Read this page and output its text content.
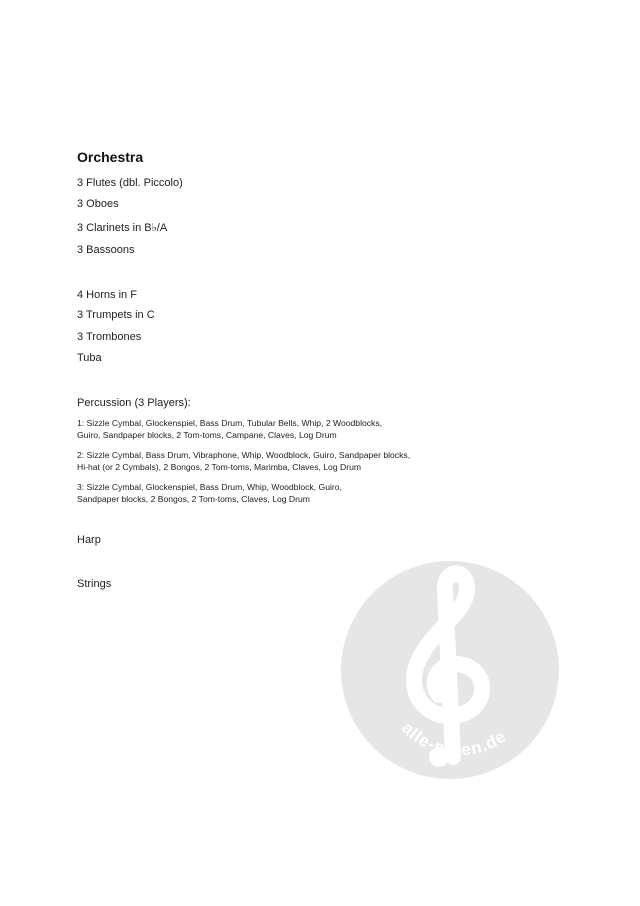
Orchestra
3 Flutes (dbl. Piccolo)
3 Oboes
3 Clarinets in B♭/A
3 Bassoons
4 Horns in F
3 Trumpets in C
3 Trombones
Tuba
Percussion (3 Players):
1: Sizzle Cymbal, Glockenspiel, Bass Drum, Tubular Bells, Whip, 2 Woodblocks,
Guiro, Sandpaper blocks, 2 Tom-toms, Campane, Claves, Log Drum
2: Sizzle Cymbal, Bass Drum, Vibraphone, Whip, Woodblock, Guiro, Sandpaper blocks,
Hi-hat (or 2 Cymbals), 2 Bongos, 2 Tom-toms, Marimba, Claves, Log Drum
3: Sizzle Cymbal, Glockenspiel, Bass Drum, Whip, Woodblock, Guiro,
Sandpaper blocks, 2 Bongos, 2 Tom-toms, Claves, Log Drum
Harp
Strings
alle-noten.de
